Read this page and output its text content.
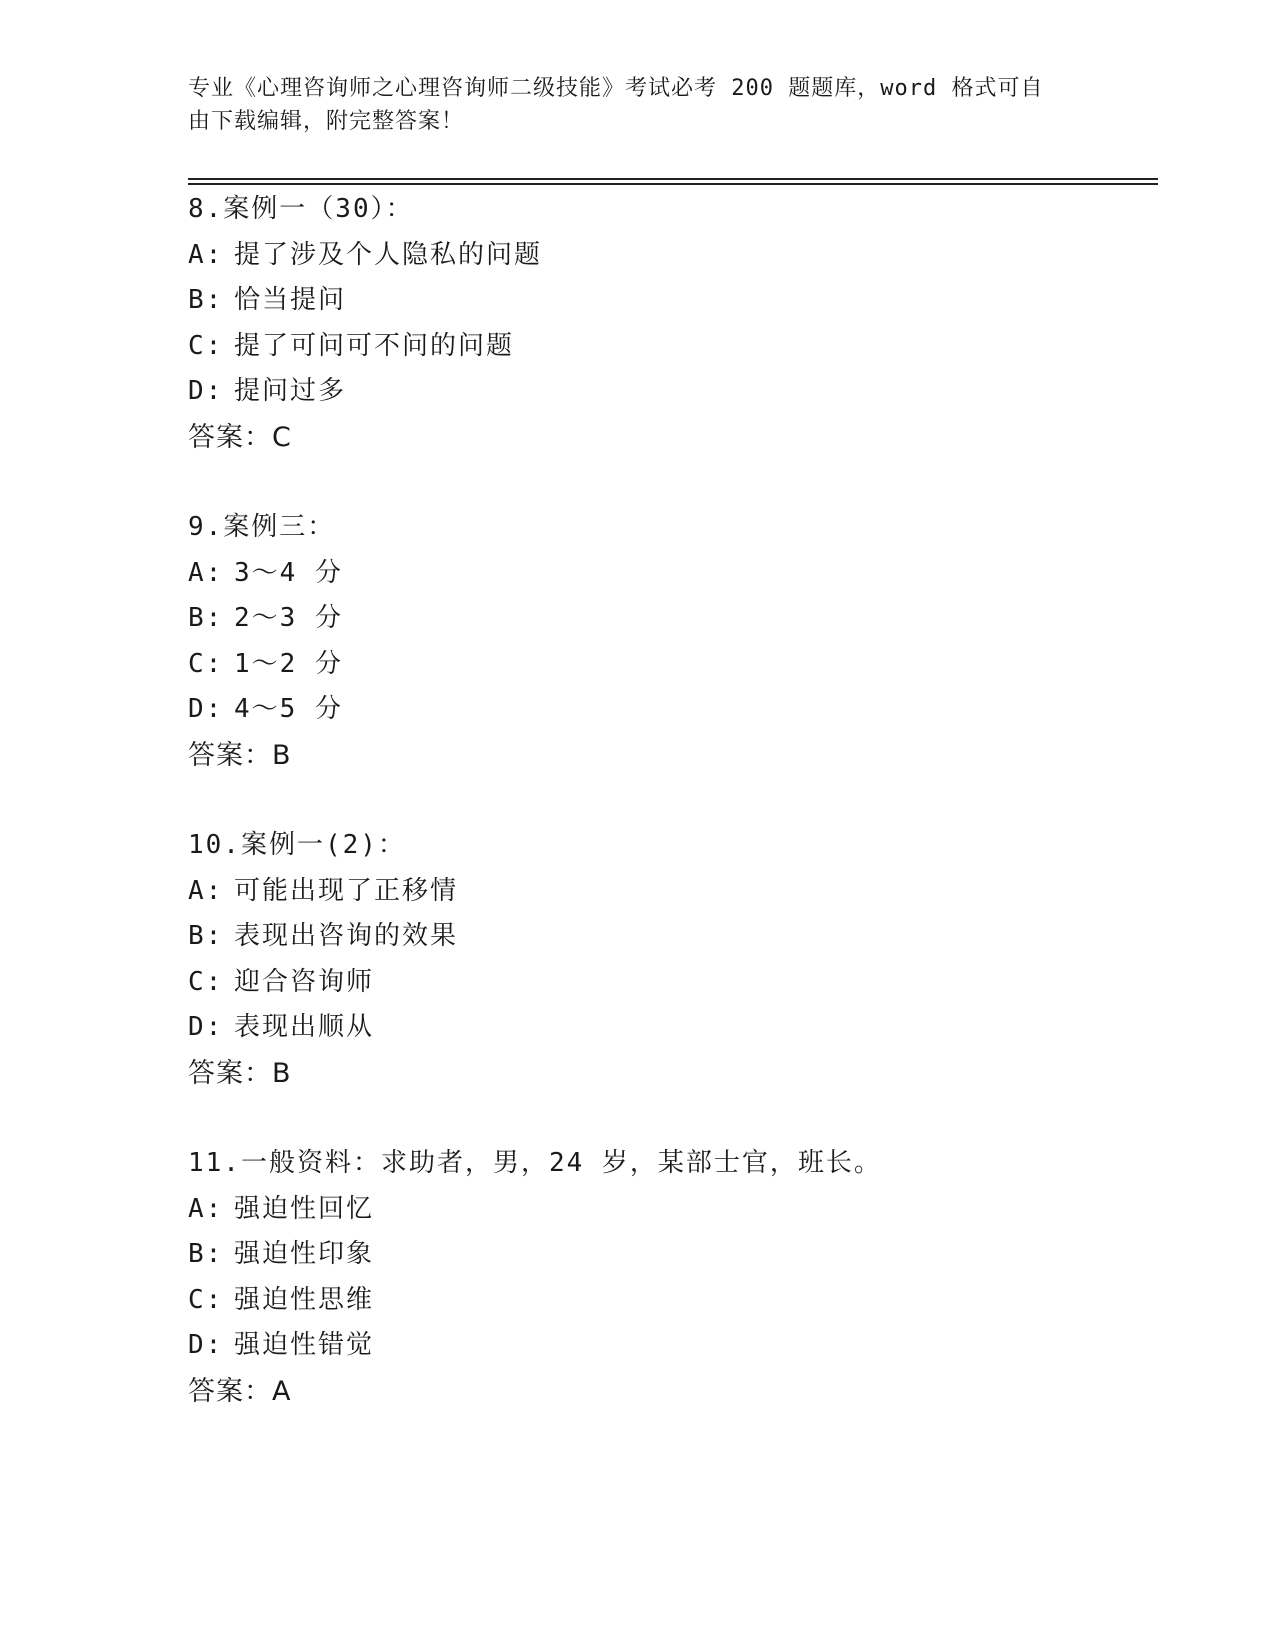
专业《心理咨询师之心理咨询师二级技能》考试必考 200 题题库，word 格式可自
由下载编辑，附完整答案！
8.案例一（30）：
A: 提了涉及个人隐私的问题
B: 恰当提问
C: 提了可问可不问的问题
D: 提问过多
答案：C
9.案例三：
A: 3～4 分
B: 2～3 分
C: 1～2 分
D: 4～5 分
答案：B
10.案例一(2)：
A: 可能出现了正移情
B: 表现出咨询的效果
C: 迎合咨询师
D: 表现出顺从
答案：B
11.一般资料：求助者，男，24 岁，某部士官，班长。
A: 强迫性回忆
B: 强迫性印象
C: 强迫性思维
D: 强迫性错觉
答案：A
